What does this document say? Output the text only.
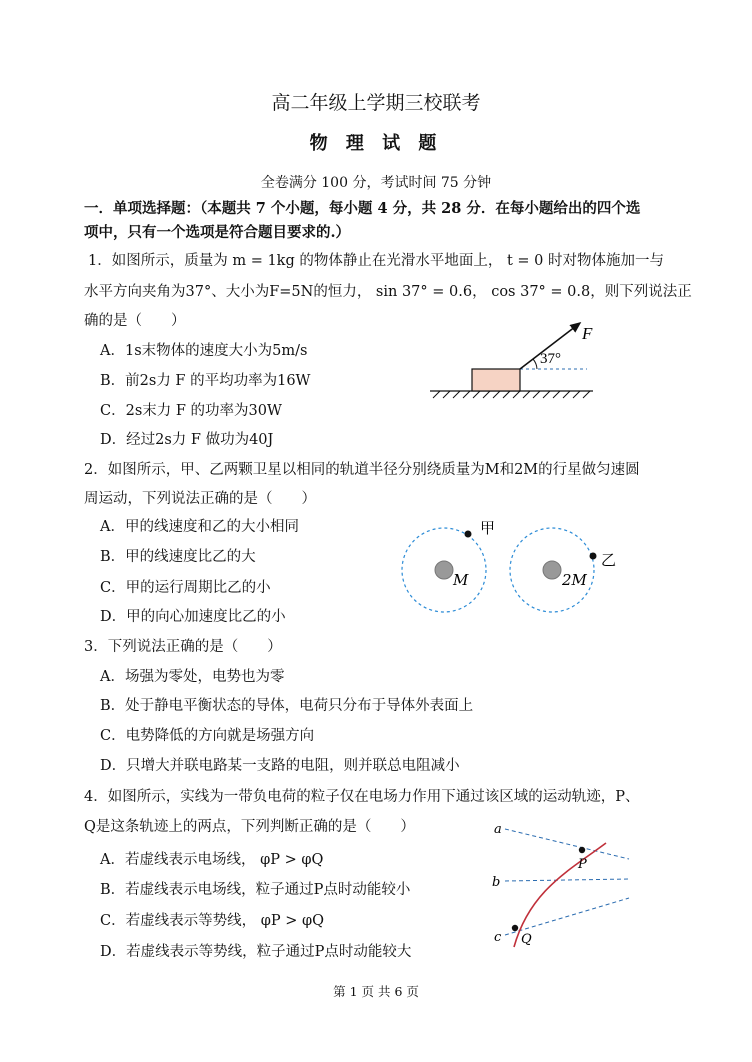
高二年级上学期三校联考
物 理 试 题
全卷满分 100 分，考试时间 75 分钟
一．单项选择题：（本题共 7 个小题，每小题 4 分，共 28 分．在每小题给出的四个选
项中，只有一个选项是符合题目要求的.）
1．如图所示，质量为 m = 1kg 的物体静止在光滑水平地面上， t = 0 时对物体施加一与
水平方向夹角为37°、大小为F=5N的恒力， sin 37° = 0.6， cos 37° = 0.8，则下列说法正
确的是（　　）
A．1s末物体的速度大小为5m/s
B．前2s力 F 的平均功率为16W
C．2s末力 F 的功率为30W
D．经过2s力 F 做功为40J
F
37°
2．如图所示，甲、乙两颗卫星以相同的轨道半径分别绕质量为M和2M的行星做匀速圆
周运动，下列说法正确的是（　　）
A．甲的线速度和乙的大小相同
B．甲的线速度比乙的大
C．甲的运行周期比乙的小
D．甲的向心加速度比乙的小
甲
M
乙
2M
3．下列说法正确的是（　　）
A．场强为零处，电势也为零
B．处于静电平衡状态的导体，电荷只分布于导体外表面上
C．电势降低的方向就是场强方向
D．只增大并联电路某一支路的电阻，则并联总电阻减小
4．如图所示，实线为一带负电荷的粒子仅在电场力作用下通过该区域的运动轨迹，P、
Q是这条轨迹上的两点，下列判断正确的是（　　）
A．若虚线表示电场线， φP > φQ
B．若虚线表示电场线，粒子通过P点时动能较小
C．若虚线表示等势线， φP > φQ
D．若虚线表示等势线，粒子通过P点时动能较大
a
b
c
P
Q
第 1 页 共 6 页
